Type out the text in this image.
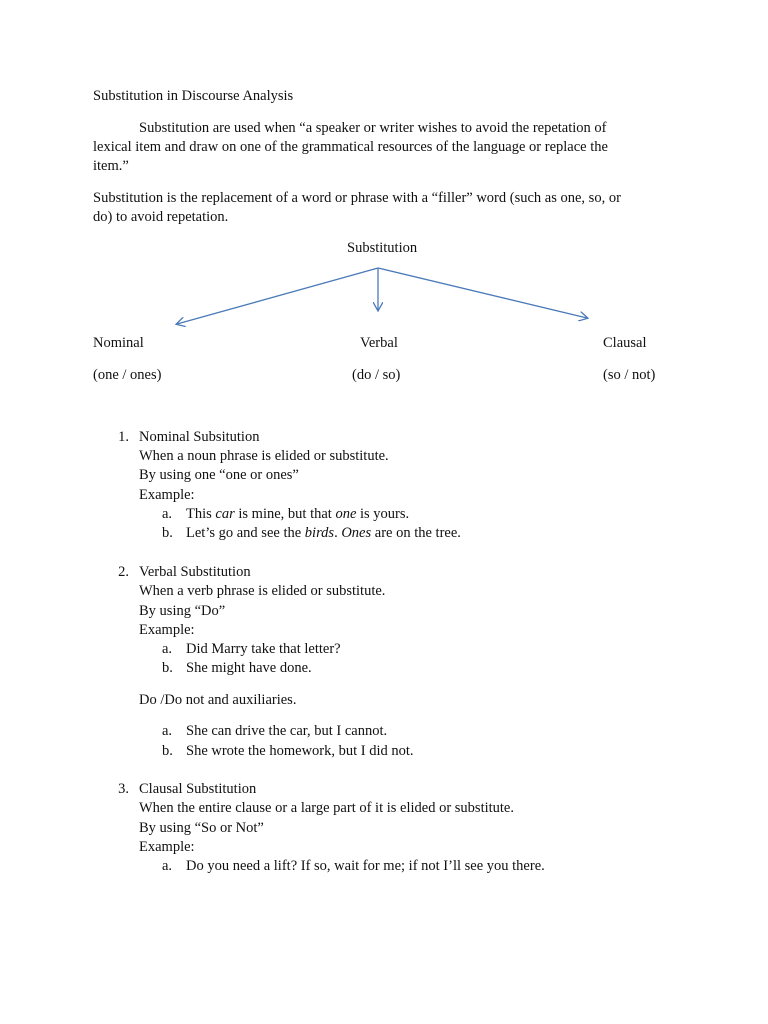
Substitution in Discourse Analysis
Substitution are used when “a speaker or writer wishes to avoid the repetation of
lexical item and draw on one of the grammatical resources of the language or replace the
item.”
Substitution is the replacement of a word or phrase with a “filler” word (such as one, so, or
do) to avoid repetation.
Substitution
Nominal	Verbal	Clausal
(one / ones)	(do / so)	(so / not)
1. Nominal Subsitution
When a noun phrase is elided or substitute.
By using one “one or ones”
Example:
a. This car is mine, but that one is yours.
b. Let’s go and see the birds. Ones are on the tree.
2. Verbal Substitution
When a verb phrase is elided or substitute.
By using “Do”
Example:
a. Did Marry take that letter?
b. She might have done.
Do /Do not and auxiliaries.
a. She can drive the car, but I cannot.
b. She wrote the homework, but I did not.
3. Clausal Substitution
When the entire clause or a large part of it is elided or substitute.
By using “So or Not”
Example:
a. Do you need a lift? If so, wait for me; if not I’ll see you there.
